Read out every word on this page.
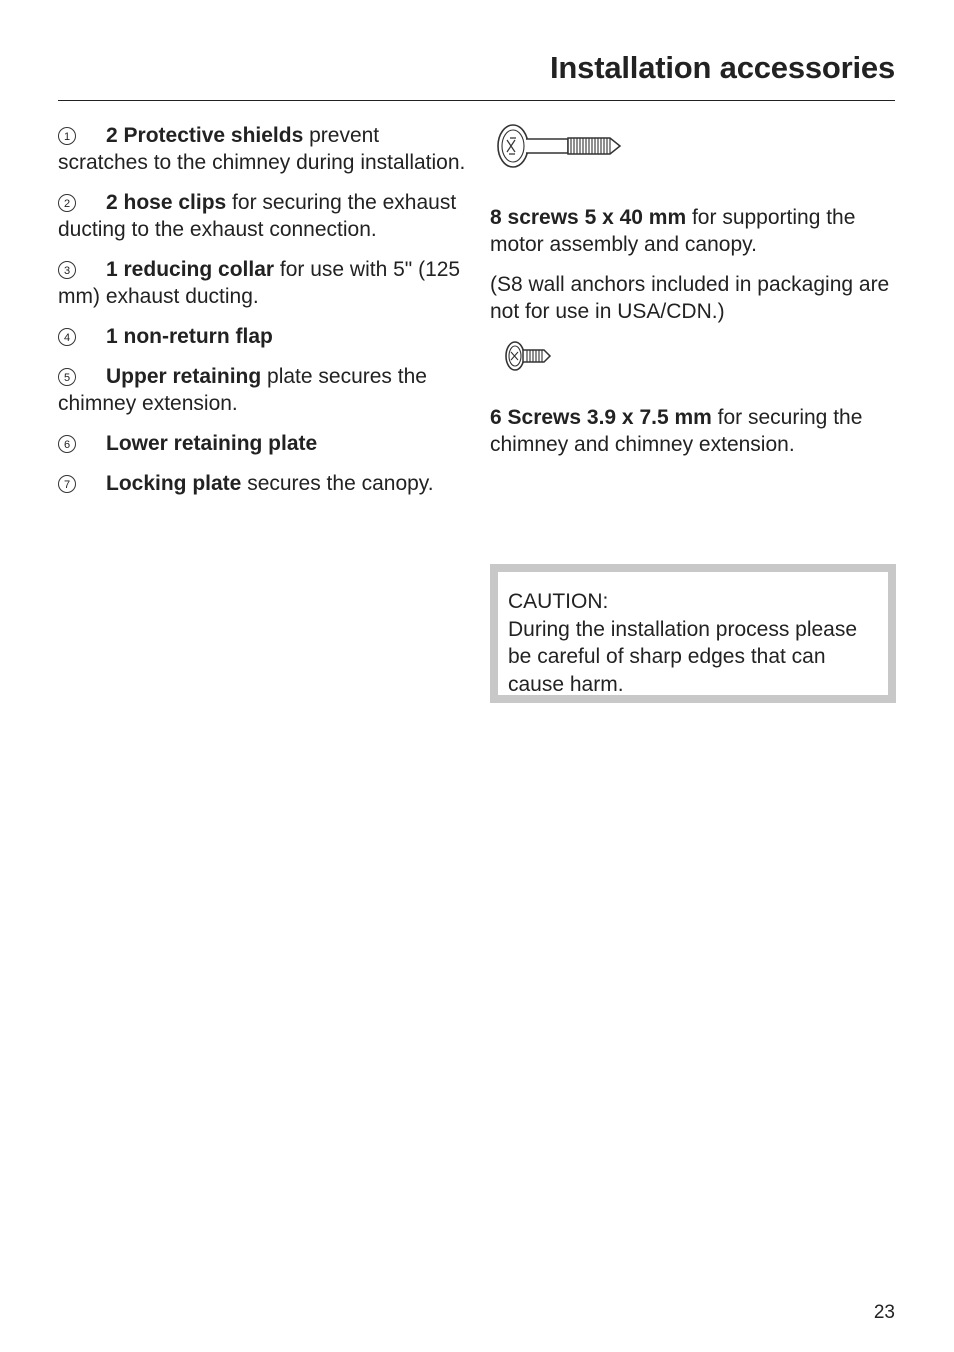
Installation accessories
1 2 Protective shields prevent scratches to the chimney during installation.
2 2 hose clips for securing the exhaust ducting to the exhaust connection.
3 1 reducing collar for use with 5" (125 mm) exhaust ducting.
4 1 non-return flap
5 Upper retaining plate secures the chimney extension.
6 Lower retaining plate
7 Locking plate secures the canopy.

8 screws 5 x 40 mm for supporting the motor assembly and canopy.

(S8 wall anchors included in packaging are not for use in USA/CDN.)

6 Screws 3.9 x 7.5 mm for securing the chimney and chimney extension.

CAUTION:
During the installation process please be careful of sharp edges that can cause harm.
23
